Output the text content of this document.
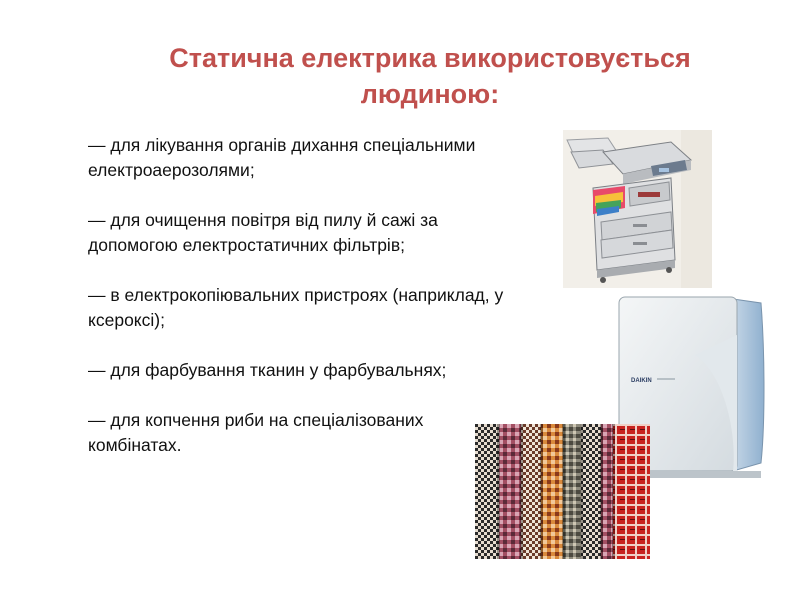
Статична електрика використовується людиною:
— для лікування органів дихання спеціальними електроаерозолями;
— для очищення повітря від пилу й сажі за допомогою електростатичних фільтрів;
— в електрокопіювальних пристроях (наприклад, у ксероксі);
— для фарбування тканин у фарбувальнях;
— для копчення риби на спеціалізованих комбінатах.
DAIKIN
